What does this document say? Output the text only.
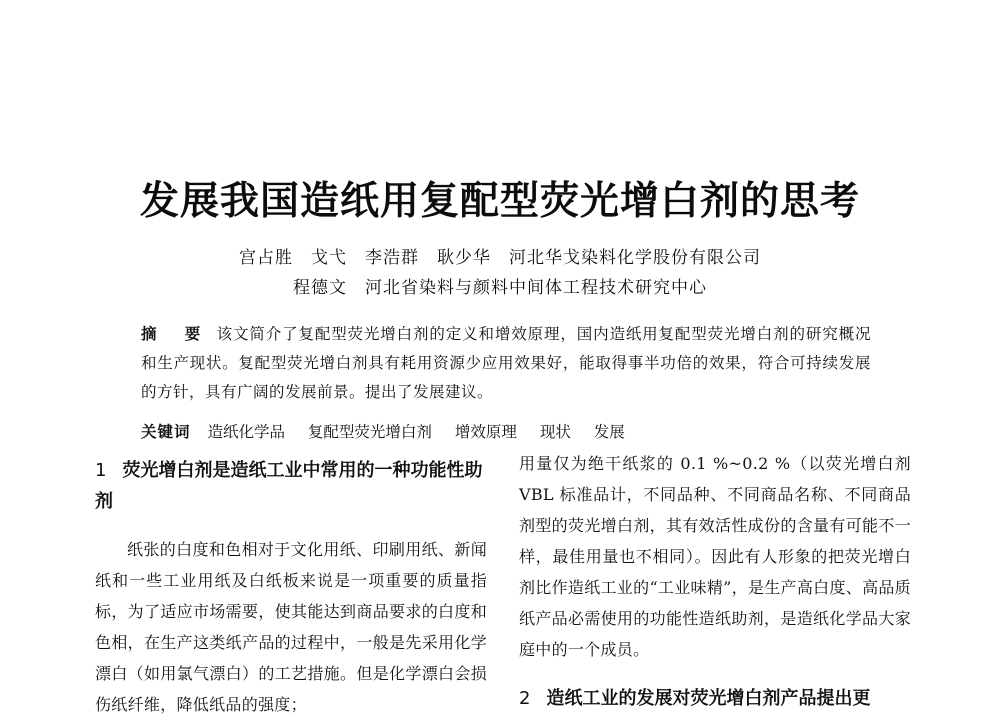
发展我国造纸用复配型荧光增白剂的思考
宫占胜　戈弋　李浩群　耿少华　河北华戈染料化学股份有限公司
程德文　河北省染料与颜料中间体工程技术研究中心
摘　要 该文简介了复配型荧光增白剂的定义和增效原理，国内造纸用复配型荧光增白剂的研究概况和生产现状。复配型荧光增白剂具有耗用资源少应用效果好，能取得事半功倍的效果，符合可持续发展的方针，具有广阔的发展前景。提出了发展建议。
关键词 造纸化学品 复配型荧光增白剂 增效原理 现状 发展

1 荧光增白剂是造纸工业中常用的一种功能性助剂

纸张的白度和色相对于文化用纸、印刷用纸、新闻纸和一些工业用纸及白纸板来说是一项重要的质量指标，为了适应市场需要，使其能达到商品要求的白度和色相，在生产这类纸产品的过程中，一般是先采用化学漂白（如用氯气漂白）的工艺措施。但是化学漂白会损伤纸纤维，降低纸品的强度；

用量仅为绝干纸浆的 0.1 %~0.2 %（以荧光增白剂VBL 标准品计，不同品种、不同商品名称、不同商品剂型的荧光增白剂，其有效活性成份的含量有可能不一样，最佳用量也不相同）。因此有人形象的把荧光增白剂比作造纸工业的“工业味精”，是生产高白度、高品质纸产品必需使用的功能性造纸助剂，是造纸化学品大家庭中的一个成员。

2 造纸工业的发展对荧光增白剂产品提出更
